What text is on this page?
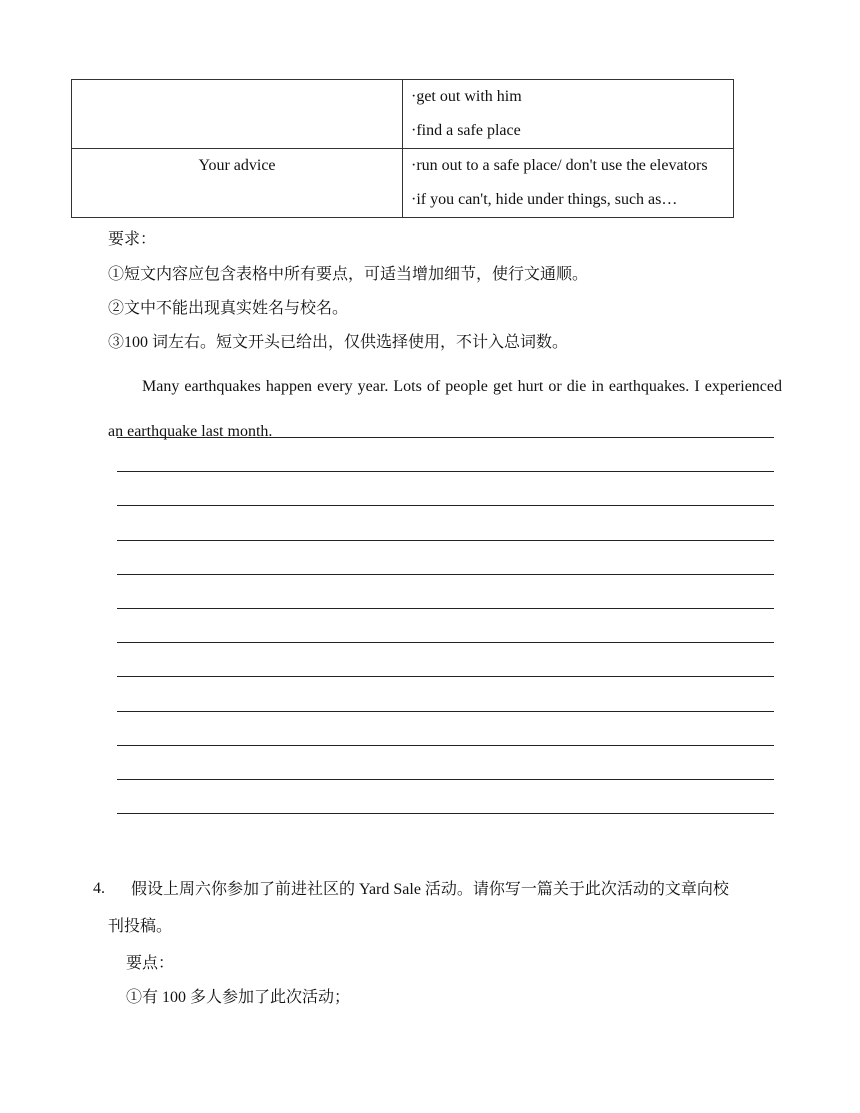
	·get out with him
·find a safe place

Your advice	·run out to a safe place/ don't use the elevators
·if you can't, hide under things, such as…
要求：
①短文内容应包含表格中所有要点，可适当增加细节，使行文通顺。
②文中不能出现真实姓名与校名。
③100 词左右。短文开头已给出，仅供选择使用，不计入总词数。
Many earthquakes happen every year. Lots of people get hurt or die in earthquakes. I experienced an earthquake last month.
4. 假设上周六你参加了前进社区的 Yard Sale 活动。请你写一篇关于此次活动的文章向校
刊投稿。
要点：
①有 100 多人参加了此次活动；
